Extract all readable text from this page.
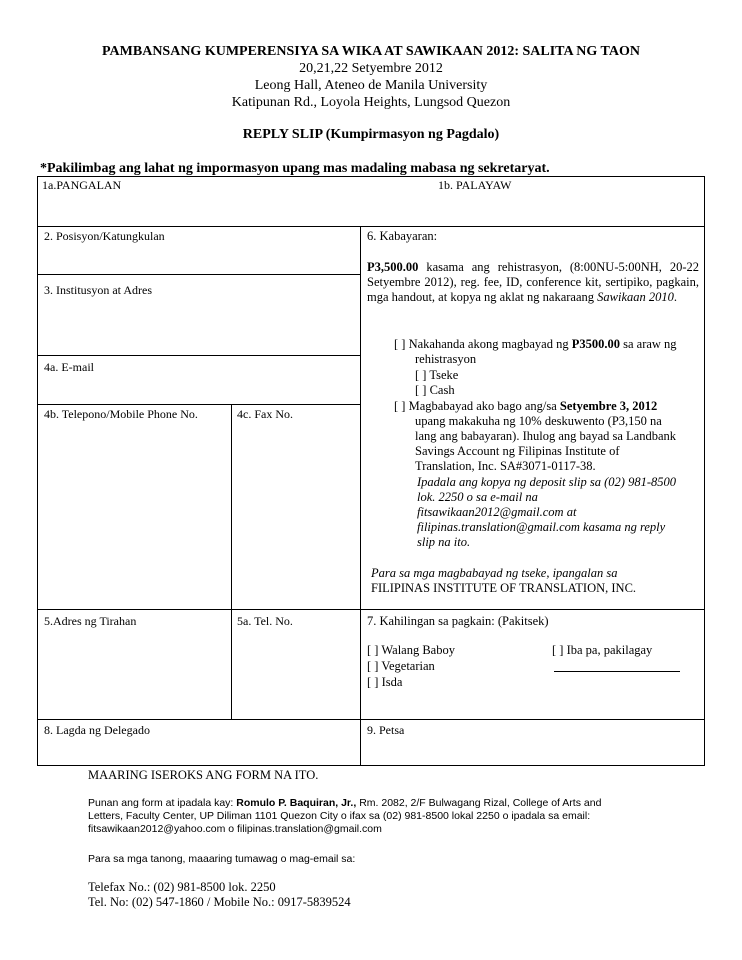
PAMBANSANG KUMPERENSIYA SA WIKA AT SAWIKAAN 2012: SALITA NG TAON
20,21,22 Setyembre 2012
Leong Hall, Ateneo de Manila University
Katipunan Rd., Loyola Heights, Lungsod Quezon
REPLY SLIP (Kumpirmasyon ng Pagdalo)
*Pakilimbag ang lahat ng impormasyon upang mas madaling mabasa ng sekretaryat.
1a.PANGALAN	1b. PALAYAW
2. Posisyon/Katungkulan
3. Institusyon at Adres
4a. E-mail
4b. Telepono/Mobile Phone No.	4c. Fax No.
5.Adres ng Tirahan	5a. Tel. No.
8. Lagda ng Delegado	9. Petsa
6. Kabayaran:
P3,500.00 kasama ang rehistrasyon, (8:00NU-5:00NH, 20-22 Setyembre 2012), reg. fee, ID, conference kit, sertipiko, pagkain, mga handout, at kopya ng aklat ng nakaraang Sawikaan 2010.
[ ] Nakahanda akong magbayad ng P3500.00 sa araw ng
rehistrasyon
[ ] Tseke
[ ] Cash
[ ] Magbabayad ako bago ang/sa Setyembre 3, 2012
upang makakuha ng 10% deskuwento (P3,150 na
lang ang babayaran). Ihulog ang bayad sa Landbank
Savings Account ng Filipinas Institute of
Translation, Inc. SA#3071-0117-38.
Ipadala ang kopya ng deposit slip sa (02) 981-8500
lok. 2250 o sa e-mail na
fitsawikaan2012@gmail.com at
filipinas.translation@gmail.com kasama ng reply
slip na ito.
Para sa mga magbabayad ng tseke, ipangalan sa
FILIPINAS INSTITUTE OF TRANSLATION, INC.
7. Kahilingan sa pagkain: (Pakitsek)
[ ] Walang Baboy
[ ] Vegetarian
[ ] Isda
[ ] Iba pa, pakilagay
MAARING ISEROKS ANG FORM NA ITO.
Punan ang form at ipadala kay: Romulo P. Baquiran, Jr., Rm. 2082, 2/F Bulwagang Rizal, College of Arts and
Letters, Faculty Center, UP Diliman 1101 Quezon City o ifax sa (02) 981-8500 lokal 2250 o ipadala sa email:
fitsawikaan2012@yahoo.com o filipinas.translation@gmail.com
Para sa mga tanong, maaaring tumawag o mag-email sa:
Telefax No.: (02) 981-8500 lok. 2250
Tel. No: (02) 547-1860 / Mobile No.: 0917-5839524
